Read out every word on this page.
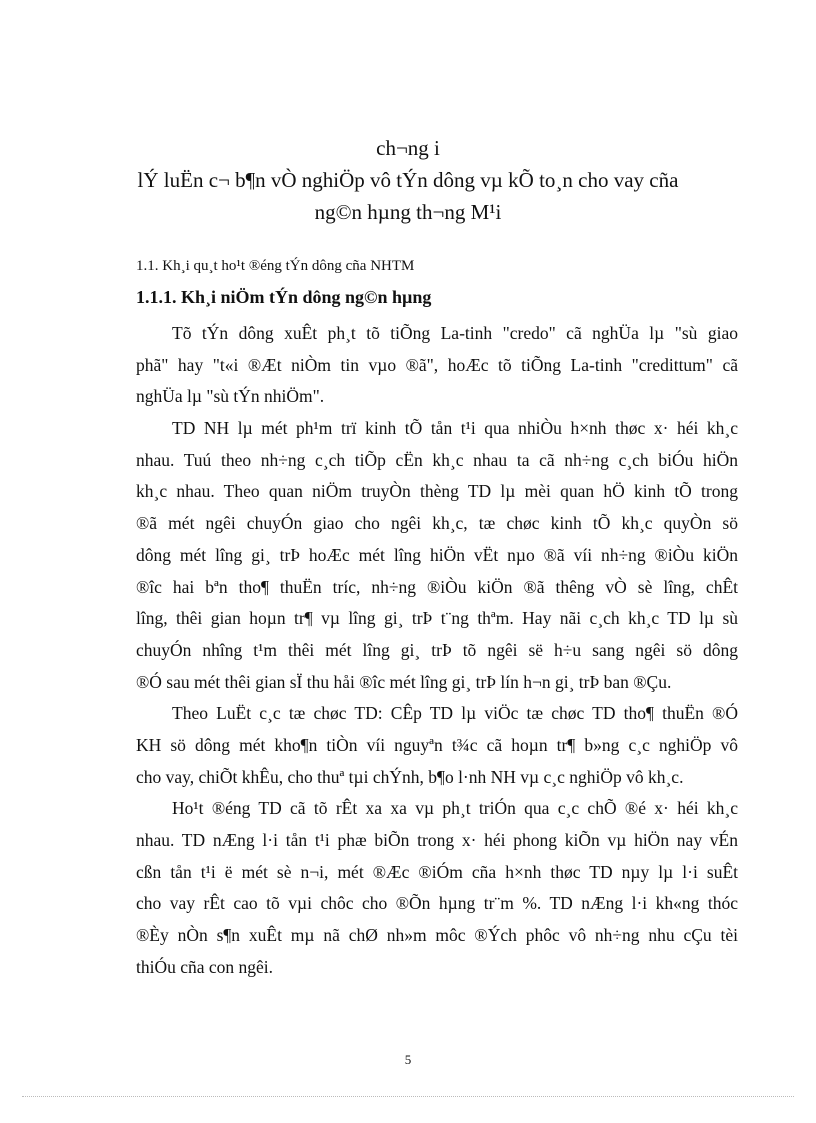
ch¬ng i
lÝ luËn c¬ b¶n vÒ nghiÖp vô tÝn dông vµ kÕ to¸n cho vay cña
ng©n hµng th¬ng M¹i
1.1. Kh¸i qu¸t ho¹t ®éng tÝn dông cña NHTM
1.1.1. Kh¸i niÖm tÝn dông ng©n hµng
Tõ tÝn dông xuÊt ph¸t tõ tiÕng La-tinh "credo" cã nghÜa lµ "sù giao
phã" hay "t«i ®Æt niÒm tin vµo ®ã", hoÆc tõ tiÕng La-tinh "credittum" cã
nghÜa lµ "sù tÝn nhiÖm".
TD NH lµ mét ph¹m trï kinh tÕ tån t¹i qua nhiÒu h×nh thøc x· héi kh¸c
nhau. Tuú theo nh÷ng c¸ch tiÕp cËn kh¸c nhau ta cã nh÷ng c¸ch biÓu hiÖn
kh¸c nhau. Theo quan niÖm truyÒn thèng TD lµ mèi quan hÖ kinh tÕ trong
®ã mét ngêi chuyÓn giao cho ngêi kh¸c, tæ chøc kinh tÕ kh¸c quyÒn sö
dông mét lîng gi¸ trÞ hoÆc mét lîng hiÖn vËt nµo ®ã víi nh÷ng ®iÒu kiÖn
®îc hai bªn tho¶ thuËn tríc, nh÷ng ®iÒu kiÖn ®ã thêng vÒ sè lîng, chÊt
lîng, thêi gian hoµn tr¶ vµ lîng gi¸ trÞ t¨ng thªm. Hay nãi c¸ch kh¸c TD lµ sù
chuyÓn nhîng t¹m thêi mét lîng gi¸ trÞ tõ ngêi së h÷u sang ngêi sö dông
®Ó sau mét thêi gian sÏ thu håi ®îc mét lîng gi¸ trÞ lín h¬n gi¸ trÞ ban ®Çu.
Theo LuËt c¸c tæ chøc TD: CÊp TD lµ viÖc tæ chøc TD tho¶ thuËn ®Ó
KH sö dông mét kho¶n tiÒn víi nguyªn t¾c cã hoµn tr¶ b»ng c¸c nghiÖp vô
cho vay, chiÕt khÊu, cho thuª tµi chÝnh, b¶o l·nh NH vµ c¸c nghiÖp vô kh¸c.
Ho¹t ®éng TD cã tõ rÊt xa xa vµ ph¸t triÓn qua c¸c chÕ ®é x· héi kh¸c
nhau. TD nÆng l·i tån t¹i phæ biÕn trong x· héi phong kiÕn vµ hiÖn nay vÉn
cßn tån t¹i ë mét sè n¬i, mét ®Æc ®iÓm cña h×nh thøc TD nµy lµ l·i suÊt
cho vay rÊt cao tõ vµi chôc cho ®Õn hµng tr¨m %. TD nÆng l·i kh«ng thóc
®Èy nÒn s¶n xuÊt mµ nã chØ nh»m môc ®Ých phôc vô nh÷ng nhu cÇu tèi
thiÓu cña con ngêi.
5
